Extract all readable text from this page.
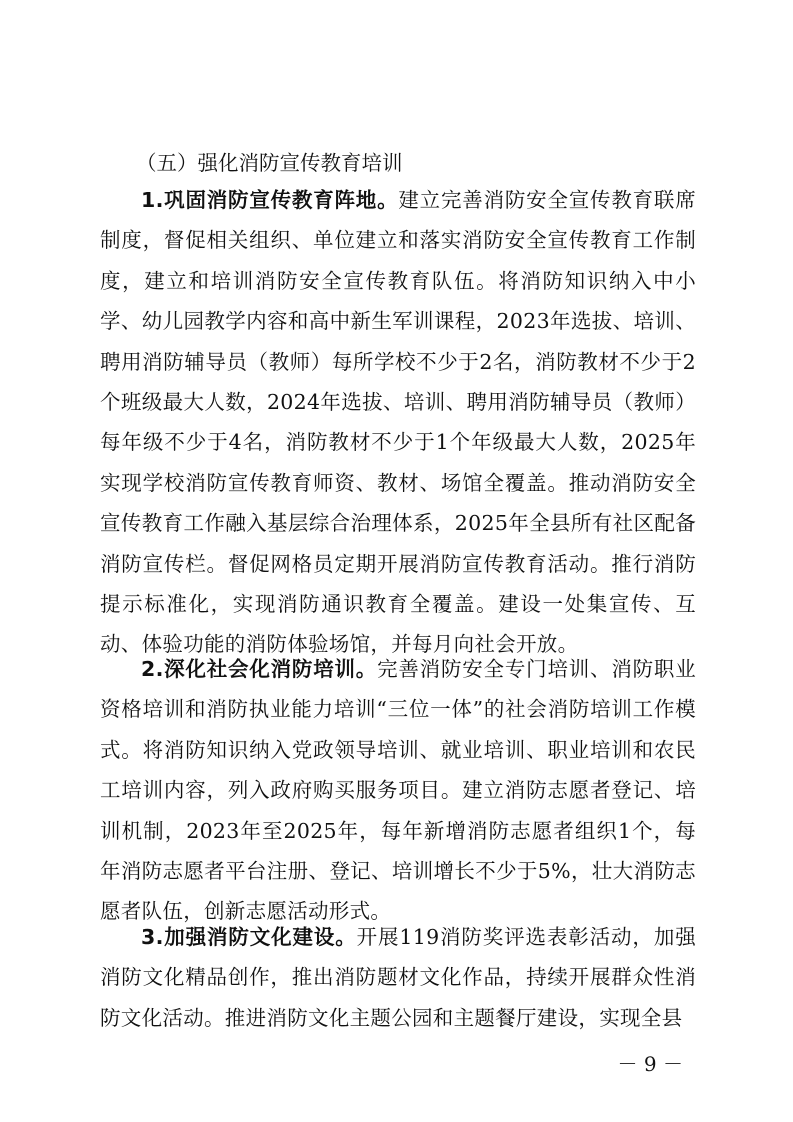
（五）强化消防宣传教育培训

1.巩固消防宣传教育阵地。建立完善消防安全宣传教育联席制度，督促相关组织、单位建立和落实消防安全宣传教育工作制度，建立和培训消防安全宣传教育队伍。将消防知识纳入中小学、幼儿园教学内容和高中新生军训课程，2023年选拔、培训、聘用消防辅导员（教师）每所学校不少于2名，消防教材不少于2个班级最大人数，2024年选拔、培训、聘用消防辅导员（教师）每年级不少于4名，消防教材不少于1个年级最大人数，2025年实现学校消防宣传教育师资、教材、场馆全覆盖。推动消防安全宣传教育工作融入基层综合治理体系，2025年全县所有社区配备消防宣传栏。督促网格员定期开展消防宣传教育活动。推行消防提示标准化，实现消防通识教育全覆盖。建设一处集宣传、互动、体验功能的消防体验场馆，并每月向社会开放。

2.深化社会化消防培训。完善消防安全专门培训、消防职业资格培训和消防执业能力培训“三位一体”的社会消防培训工作模式。将消防知识纳入党政领导培训、就业培训、职业培训和农民工培训内容，列入政府购买服务项目。建立消防志愿者登记、培训机制，2023年至2025年，每年新增消防志愿者组织1个，每年消防志愿者平台注册、登记、培训增长不少于5%，壮大消防志愿者队伍，创新志愿活动形式。

3.加强消防文化建设。开展119消防奖评选表彰活动，加强消防文化精品创作，推出消防题材文化作品，持续开展群众性消防文化活动。推进消防文化主题公园和主题餐厅建设，实现全县

－ 9 －
